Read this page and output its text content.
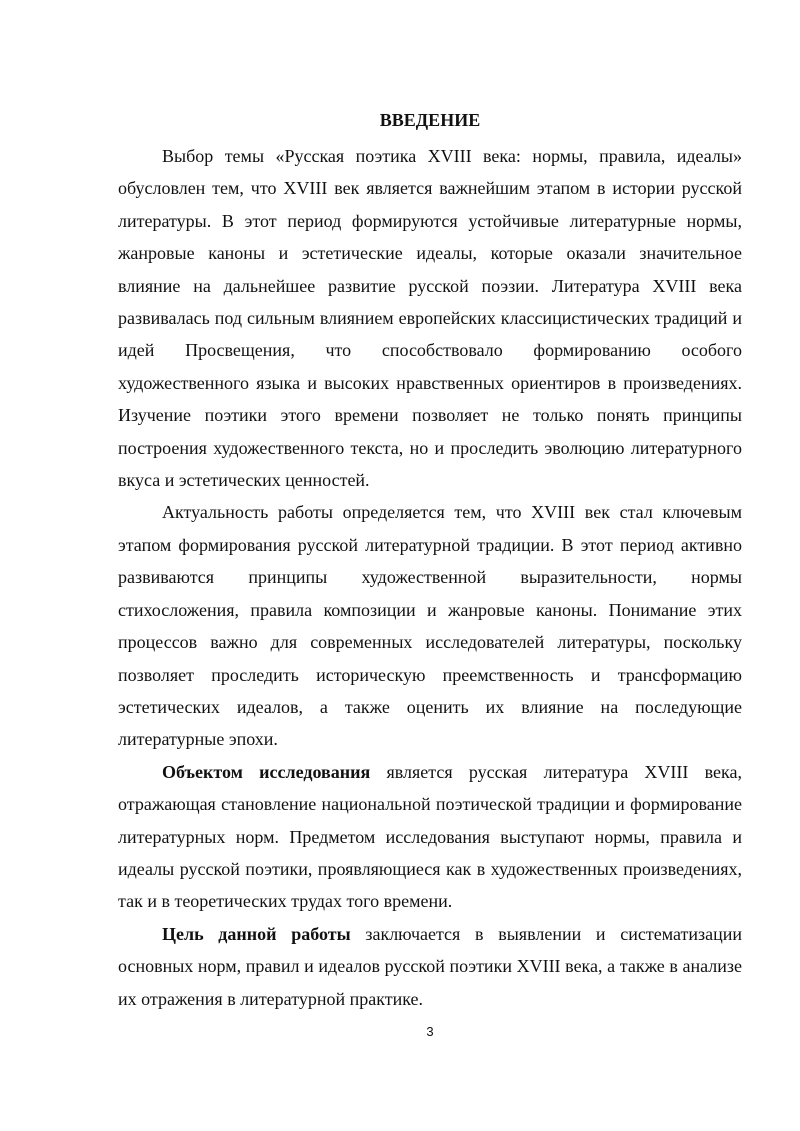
ВВЕДЕНИЕ

Выбор темы «Русская поэтика XVIII века: нормы, правила, идеалы» обусловлен тем, что XVIII век является важнейшим этапом в истории русской литературы. В этот период формируются устойчивые литературные нормы, жанровые каноны и эстетические идеалы, которые оказали значительное влияние на дальнейшее развитие русской поэзии. Литература XVIII века развивалась под сильным влиянием европейских классицистических традиций и идей Просвещения, что способствовало формированию особого художественного языка и высоких нравственных ориентиров в произведениях. Изучение поэтики этого времени позволяет не только понять принципы построения художественного текста, но и проследить эволюцию литературного вкуса и эстетических ценностей.

Актуальность работы определяется тем, что XVIII век стал ключевым этапом формирования русской литературной традиции. В этот период активно развиваются принципы художественной выразительности, нормы стихосложения, правила композиции и жанровые каноны. Понимание этих процессов важно для современных исследователей литературы, поскольку позволяет проследить историческую преемственность и трансформацию эстетических идеалов, а также оценить их влияние на последующие литературные эпохи.

Объектом исследования является русская литература XVIII века, отражающая становление национальной поэтической традиции и формирование литературных норм. Предметом исследования выступают нормы, правила и идеалы русской поэтики, проявляющиеся как в художественных произведениях, так и в теоретических трудах того времени.

Цель данной работы заключается в выявлении и систематизации основных норм, правил и идеалов русской поэтики XVIII века, а также в анализе их отражения в литературной практике.

3
